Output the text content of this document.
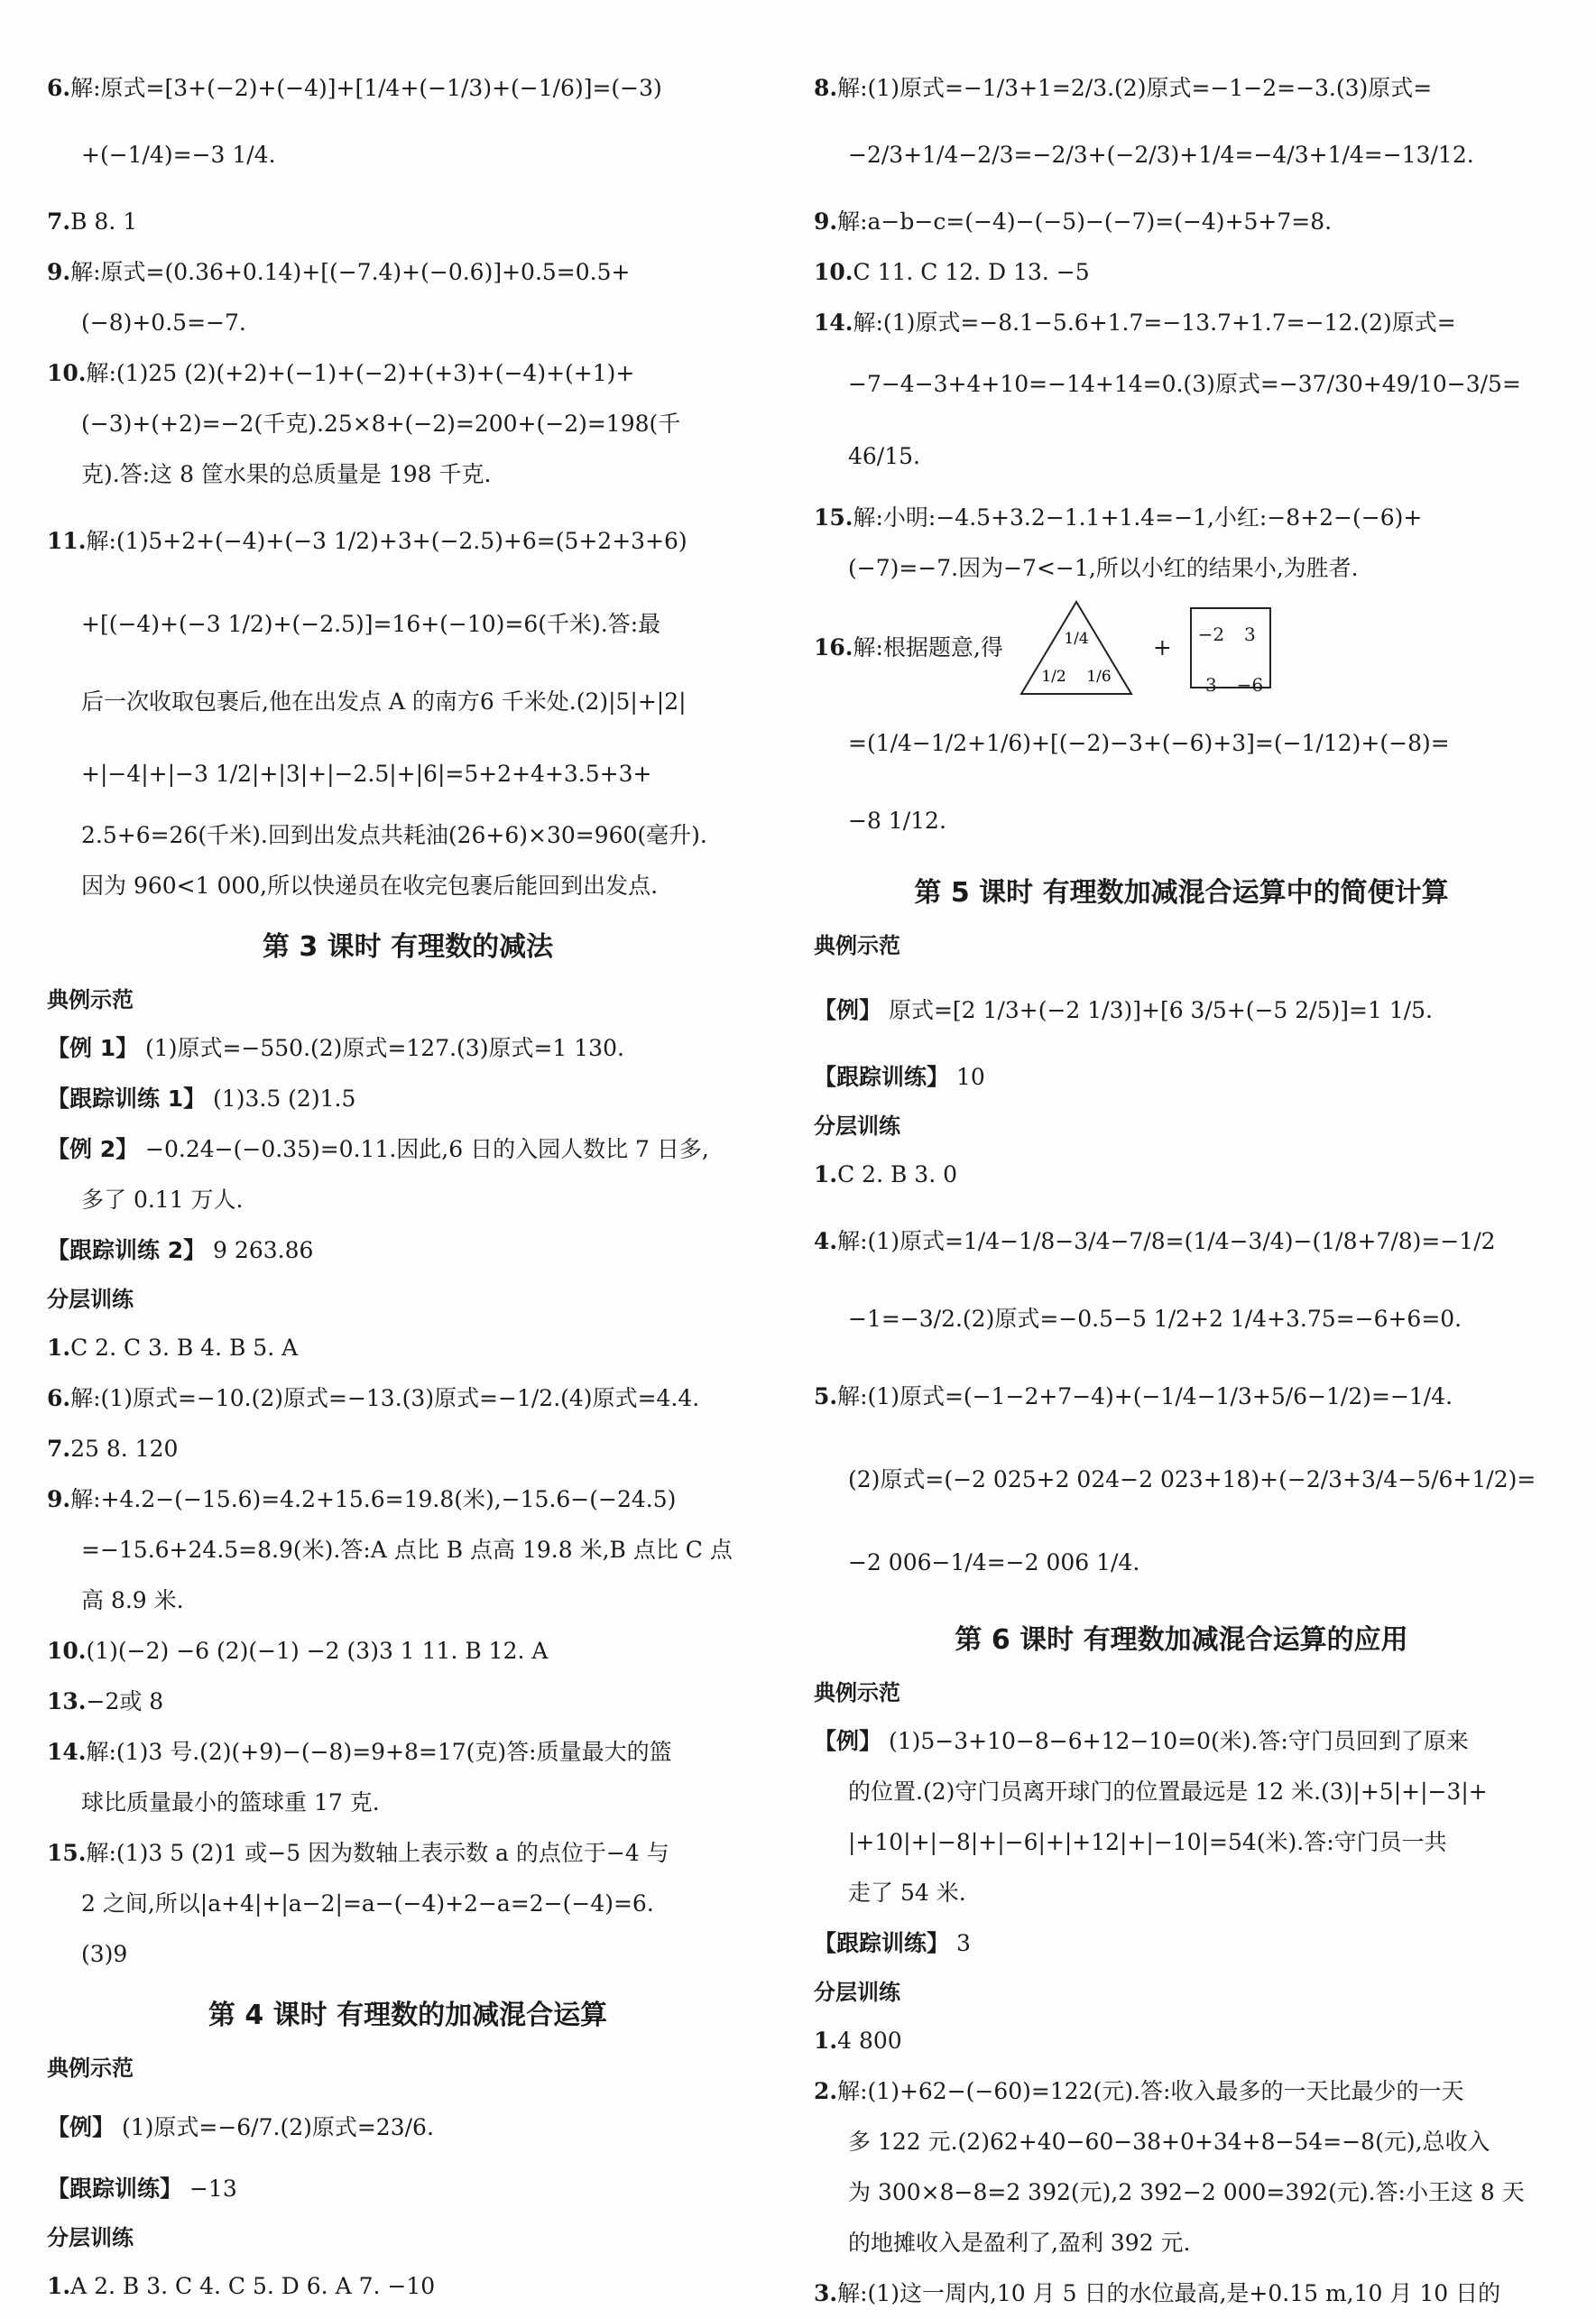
6.解:原式=[3+(−2)+(−4)]+[1/4+(−1/3)+(−1/6)]=(−3)
+(−1/4)=−3 1/4.
7.B 8. 1
9.解:原式=(0.36+0.14)+[(−7.4)+(−0.6)]+0.5=0.5+
(−8)+0.5=−7.
10.解:(1)25 (2)(+2)+(−1)+(−2)+(+3)+(−4)+(+1)+
(−3)+(+2)=−2(千克).25×8+(−2)=200+(−2)=198(千
克).答:这 8 筐水果的总质量是 198 千克.
11.解:(1)5+2+(−4)+(−3 1/2)+3+(−2.5)+6=(5+2+3+6)
+[(−4)+(−3 1/2)+(−2.5)]=16+(−10)=6(千米).答:最
后一次收取包裹后,他在出发点 A 的南方6 千米处.(2)|5|+|2|
+|−4|+|−3 1/2|+|3|+|−2.5|+|6|=5+2+4+3.5+3+
2.5+6=26(千米).回到出发点共耗油(26+6)×30=960(毫升).
因为 960<1 000,所以快递员在收完包裹后能回到出发点.
第 3 课时 有理数的减法
典例示范
【例 1】 (1)原式=−550.(2)原式=127.(3)原式=1 130.
【跟踪训练 1】 (1)3.5 (2)1.5
【例 2】 −0.24−(−0.35)=0.11.因此,6 日的入园人数比 7 日多,
多了 0.11 万人.
【跟踪训练 2】 9 263.86
分层训练
1.C 2. C 3. B 4. B 5. A
6.解:(1)原式=−10.(2)原式=−13.(3)原式=−1/2.(4)原式=4.4.
7.25 8. 120
9.解:+4.2−(−15.6)=4.2+15.6=19.8(米),−15.6−(−24.5)
=−15.6+24.5=8.9(米).答:A 点比 B 点高 19.8 米,B 点比 C 点
高 8.9 米.
10.(1)(−2) −6 (2)(−1) −2 (3)3 1 11. B 12. A
13.−2或 8
14.解:(1)3 号.(2)(+9)−(−8)=9+8=17(克)答:质量最大的篮
球比质量最小的篮球重 17 克.
15.解:(1)3 5 (2)1 或−5 因为数轴上表示数 a 的点位于−4 与
2 之间,所以|a+4|+|a−2|=a−(−4)+2−a=2−(−4)=6.
(3)9
第 4 课时 有理数的加减混合运算
典例示范
【例】 (1)原式=−6/7.(2)原式=23/6.
【跟踪训练】 −13
分层训练
1.A 2. B 3. C 4. C 5. D 6. A 7. −10
8.解:(1)原式=−1/3+1=2/3.(2)原式=−1−2=−3.(3)原式=
−2/3+1/4−2/3=−2/3+(−2/3)+1/4=−4/3+1/4=−13/12.
9.解:a−b−c=(−4)−(−5)−(−7)=(−4)+5+7=8.
10.C 11. C 12. D 13. −5
14.解:(1)原式=−8.1−5.6+1.7=−13.7+1.7=−12.(2)原式=
−7−4−3+4+10=−14+14=0.(3)原式=−37/30+49/10−3/5=
46/15.
15.解:小明:−4.5+3.2−1.1+1.4=−1,小红:−8+2−(−6)+
(−7)=−7.因为−7<−1,所以小红的结果小,为胜者.
16. 解:根据题意,得	1/4
1/2 1/6
+ −2 3
3 −6
=(1/4−1/2+1/6)+[(−2)−3+(−6)+3]=(−1/12)+(−8)=
−8 1/12.
第 5 课时 有理数加减混合运算中的简便计算
典例示范
【例】 原式=[2 1/3+(−2 1/3)]+[6 3/5+(−5 2/5)]=1 1/5.
【跟踪训练】 10
分层训练
1.C 2. B 3. 0
4.解:(1)原式=1/4−1/8−3/4−7/8=(1/4−3/4)−(1/8+7/8)=−1/2
−1=−3/2.(2)原式=−0.5−5 1/2+2 1/4+3.75=−6+6=0.
5.解:(1)原式=(−1−2+7−4)+(−1/4−1/3+5/6−1/2)=−1/4.
(2)原式=(−2 025+2 024−2 023+18)+(−2/3+3/4−5/6+1/2)=
−2 006−1/4=−2 006 1/4.
第 6 课时 有理数加减混合运算的应用
典例示范
【例】 (1)5−3+10−8−6+12−10=0(米).答:守门员回到了原来
的位置.(2)守门员离开球门的位置最远是 12 米.(3)|+5|+|−3|+
|+10|+|−8|+|−6|+|+12|+|−10|=54(米).答:守门员一共
走了 54 米.
【跟踪训练】 3
分层训练
1.4 800
2.解:(1)+62−(−60)=122(元).答:收入最多的一天比最少的一天
多 122 元.(2)62+40−60−38+0+34+8−54=−8(元),总收入
为 300×8−8=2 392(元),2 392−2 000=392(元).答:小王这 8 天
的地摊收入是盈利了,盈利 392 元.
3.解:(1)这一周内,10 月 5 日的水位最高,是+0.15 m,10 月 10 日的
